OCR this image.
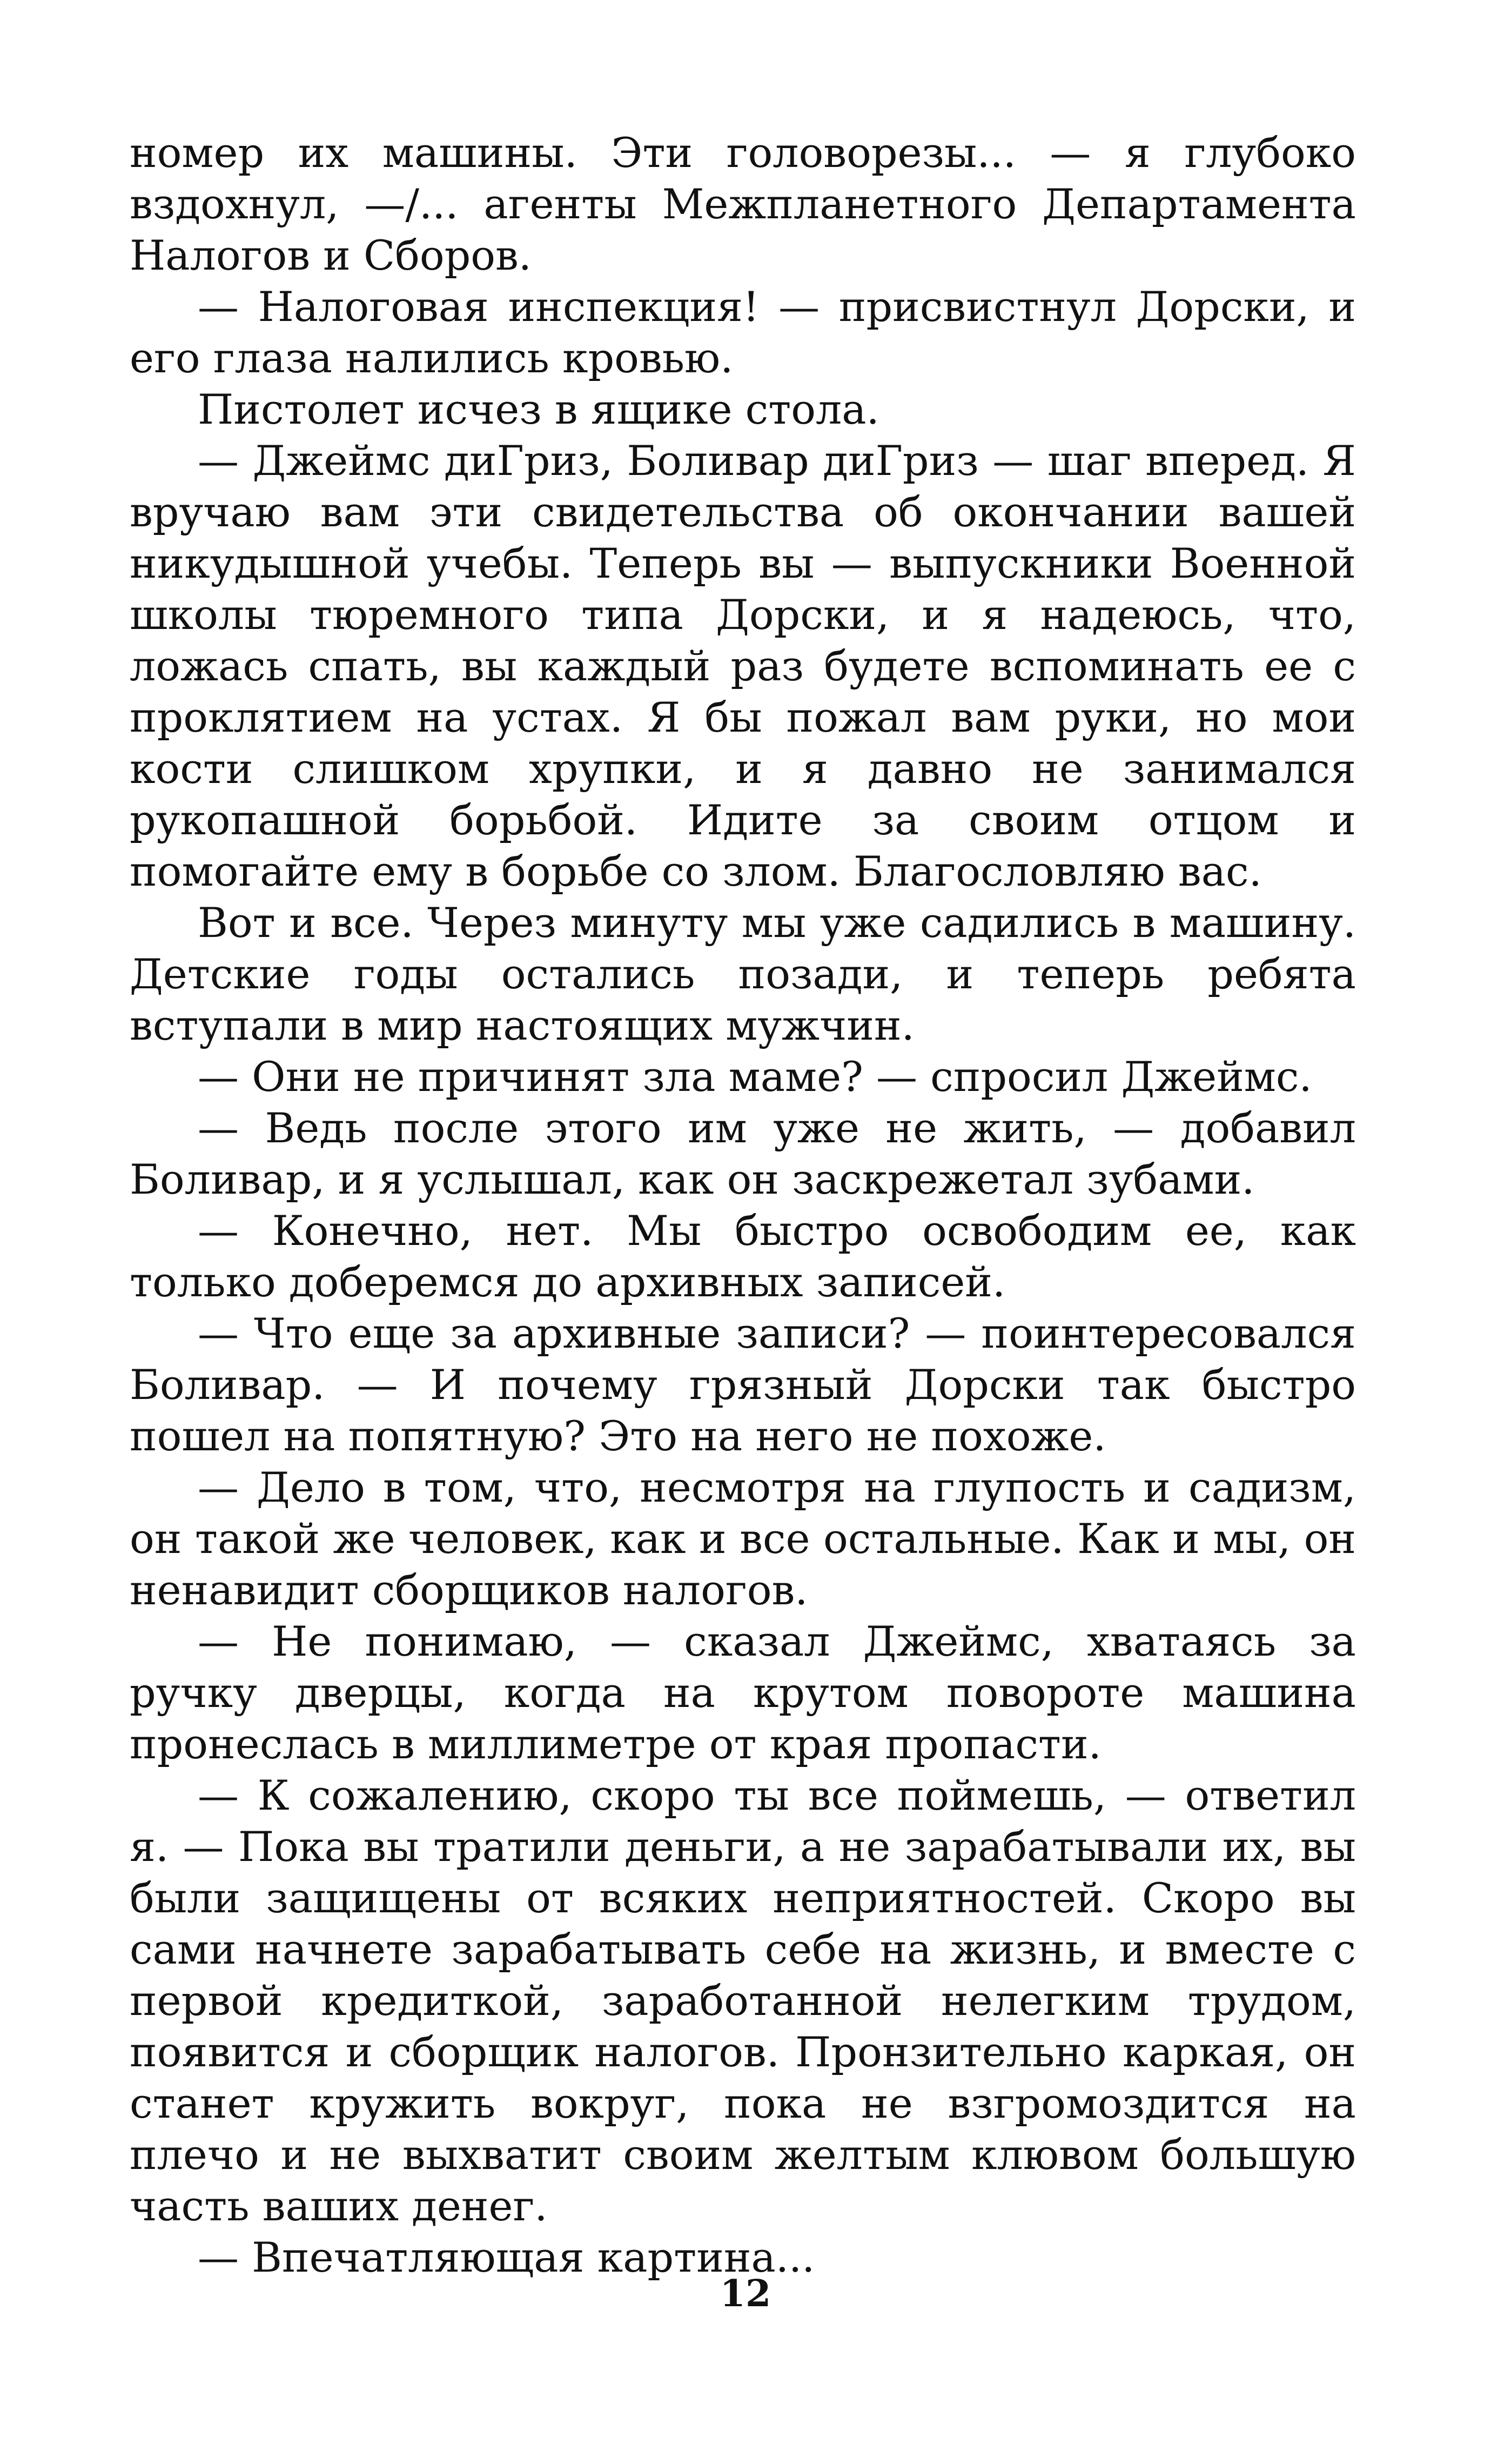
номер их машины. Эти головорезы... — я глубоко вздохнул, —/... агенты Межпланетного Департамента Налогов и Сборов.

— Налоговая инспекция! — присвистнул Дорски, и его глаза налились кровью.

Пистолет исчез в ящике стола.

— Джеймс диГриз, Боливар диГриз — шаг вперед. Я вручаю вам эти свидетельства об окончании вашей никудышной учебы. Теперь вы — выпускники Военной школы тюремного типа Дорски, и я надеюсь, что, ложась спать, вы каждый раз будете вспоминать ее с проклятием на устах. Я бы пожал вам руки, но мои кости слишком хрупки, и я давно не занимался рукопашной борьбой. Идите за своим отцом и помогайте ему в борьбе со злом. Благословляю вас.

Вот и все. Через минуту мы уже садились в машину. Детские годы остались позади, и теперь ребята вступали в мир настоящих мужчин.

— Они не причинят зла маме? — спросил Джеймс.

— Ведь после этого им уже не жить, — добавил Боливар, и я услышал, как он заскрежетал зубами.

— Конечно, нет. Мы быстро освободим ее, как только доберемся до архивных записей.

— Что еще за архивные записи? — поинтересовался Боливар. — И почему грязный Дорски так быстро пошел на попятную? Это на него не похоже.

— Дело в том, что, несмотря на глупость и садизм, он такой же человек, как и все остальные. Как и мы, он ненавидит сборщиков налогов.

— Не понимаю, — сказал Джеймс, хватаясь за ручку дверцы, когда на крутом повороте машина пронеслась в миллиметре от края пропасти.

— К сожалению, скоро ты все поймешь, — ответил я. — Пока вы тратили деньги, а не зарабатывали их, вы были защищены от всяких неприятностей. Скоро вы сами начнете зарабатывать себе на жизнь, и вместе с первой кредиткой, заработанной нелегким трудом, появится и сборщик налогов. Пронзительно каркая, он станет кружить вокруг, пока не взгромоздится на плечо и не выхватит своим желтым клювом большую часть ваших денег.

— Впечатляющая картина...

12
